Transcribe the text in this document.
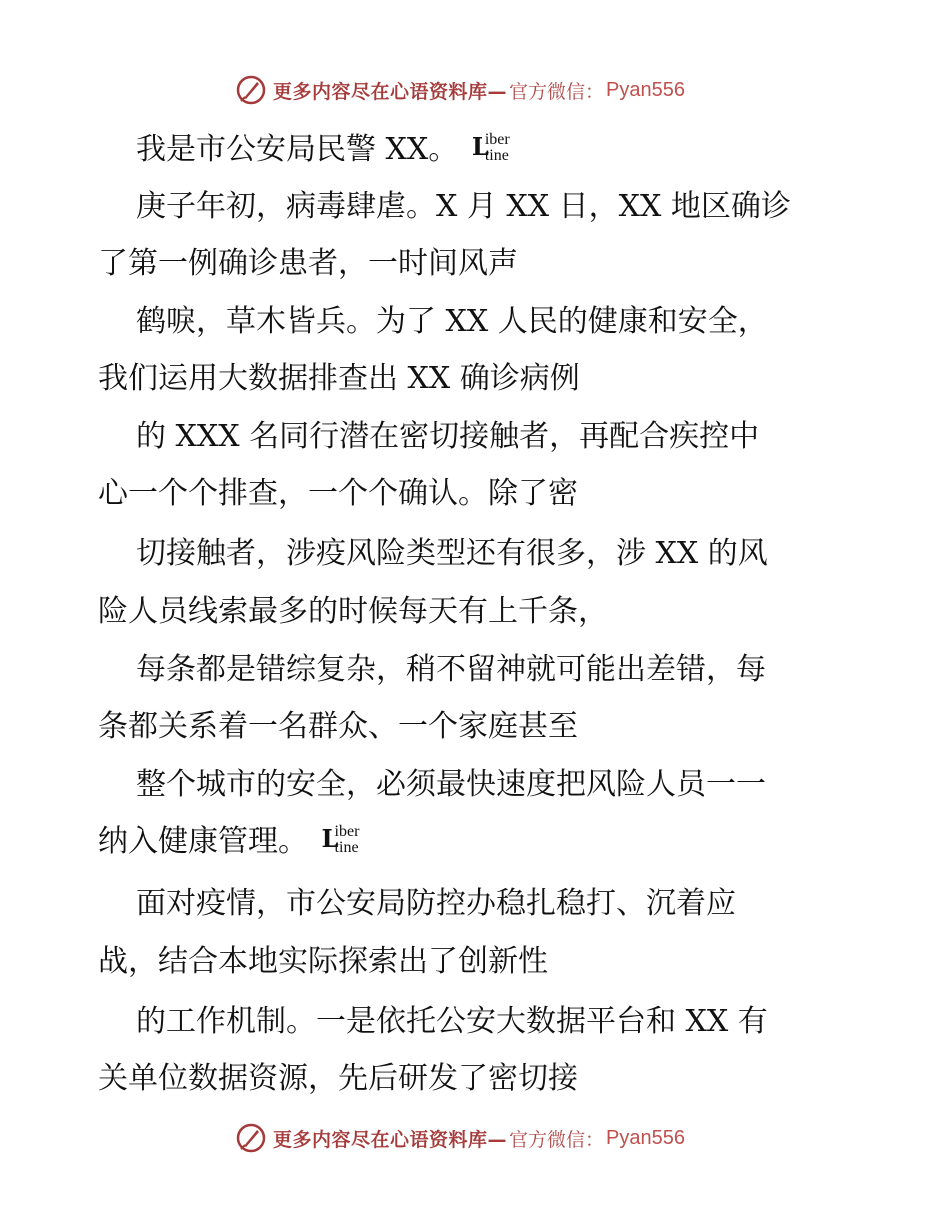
更多内容尽在心语资料库— 官方微信： Pyan556
我是市公安局民警 XX。 L
iber
tine
庚子年初，病毒肆虐。X 月 XX 日，XX 地区确诊
了第一例确诊患者，一时间风声
鹤唳，草木皆兵。为了 XX 人民的健康和安全，
我们运用大数据排查出 XX 确诊病例
的 XXX 名同行潜在密切接触者，再配合疾控中
心一个个排查，一个个确认。除了密
切接触者，涉疫风险类型还有很多，涉 XX 的风
险人员线索最多的时候每天有上千条，
每条都是错综复杂，稍不留神就可能出差错，每
条都关系着一名群众、一个家庭甚至
整个城市的安全，必须最快速度把风险人员一一
纳入健康管理。 L
iber
tine
面对疫情，市公安局防控办稳扎稳打、沉着应
战，结合本地实际探索出了创新性
的工作机制。一是依托公安大数据平台和 XX 有
关单位数据资源，先后研发了密切接
更多内容尽在心语资料库— 官方微信： Pyan556
